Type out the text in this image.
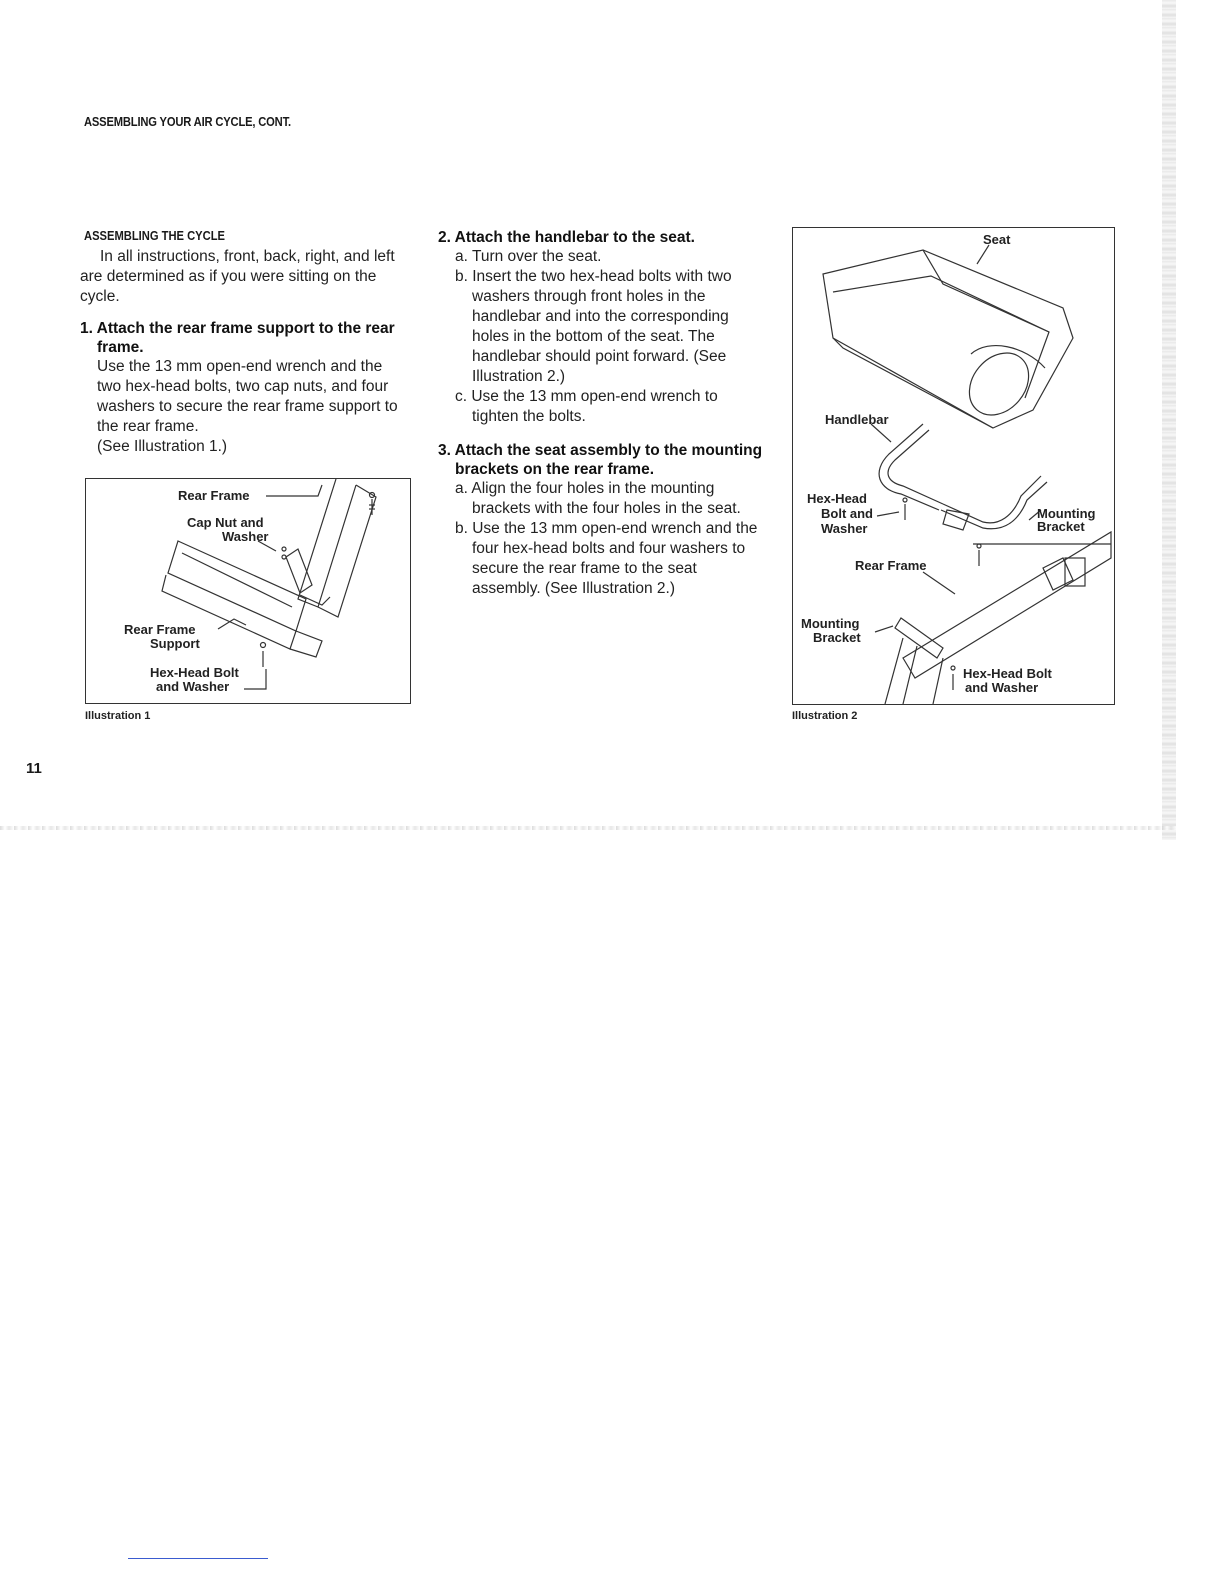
ASSEMBLING YOUR AIR CYCLE, CONT.
ASSEMBLING THE CYCLE
In all instructions, front, back, right, and left are determined as if you were sitting on the cycle.
1. Attach the rear frame support to the rear frame.
Use the 13 mm open-end wrench and the two hex-head bolts, two cap nuts, and four washers to secure the rear frame support to the rear frame.
(See Illustration 1.)
2. Attach the handlebar to the seat.
a. Turn over the seat.
b. Insert the two hex-head bolts with two washers through front holes in the handlebar and into the corresponding holes in the bottom of the seat. The handlebar should point forward. (See Illustration 2.)
c. Use the 13 mm open-end wrench to tighten the bolts.
3. Attach the seat assembly to the mounting brackets on the rear frame.
a. Align the four holes in the mounting brackets with the four holes in the seat.
b. Use the 13 mm open-end wrench and the four hex-head bolts and four washers to secure the rear frame to the seat assembly. (See Illustration 2.)
Rear Frame
Cap Nut and
Washer
Rear Frame
Support
Hex-Head Bolt
and Washer
Illustration 1
Seat
Handlebar
Hex-Head
Bolt and
Washer
Mounting
Bracket
Rear Frame
Mounting
Bracket
Hex-Head Bolt
and Washer
Illustration 2
11
